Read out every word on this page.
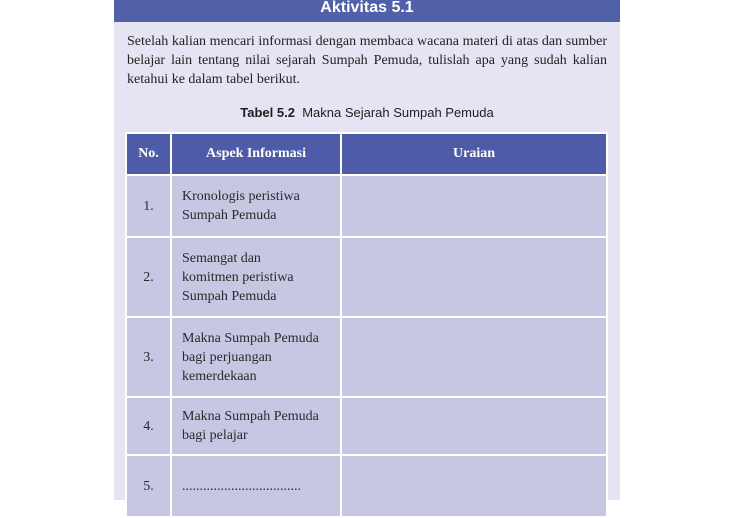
Aktivitas 5.1
Setelah kalian mencari informasi dengan membaca wacana materi di atas dan sumber belajar lain tentang nilai sejarah Sumpah Pemuda, tulislah apa yang sudah kalian ketahui ke dalam tabel berikut.
Tabel 5.2 Makna Sejarah Sumpah Pemuda
No.	Aspek Informasi	Uraian
1.	Kronologis peristiwa
Sumpah Pemuda	

2.	Semangat dan
komitmen peristiwa
Sumpah Pemuda	

3.	Makna Sumpah Pemuda
bagi perjuangan
kemerdekaan	

4.	Makna Sumpah Pemuda
bagi pelajar	

5.	..................................	
